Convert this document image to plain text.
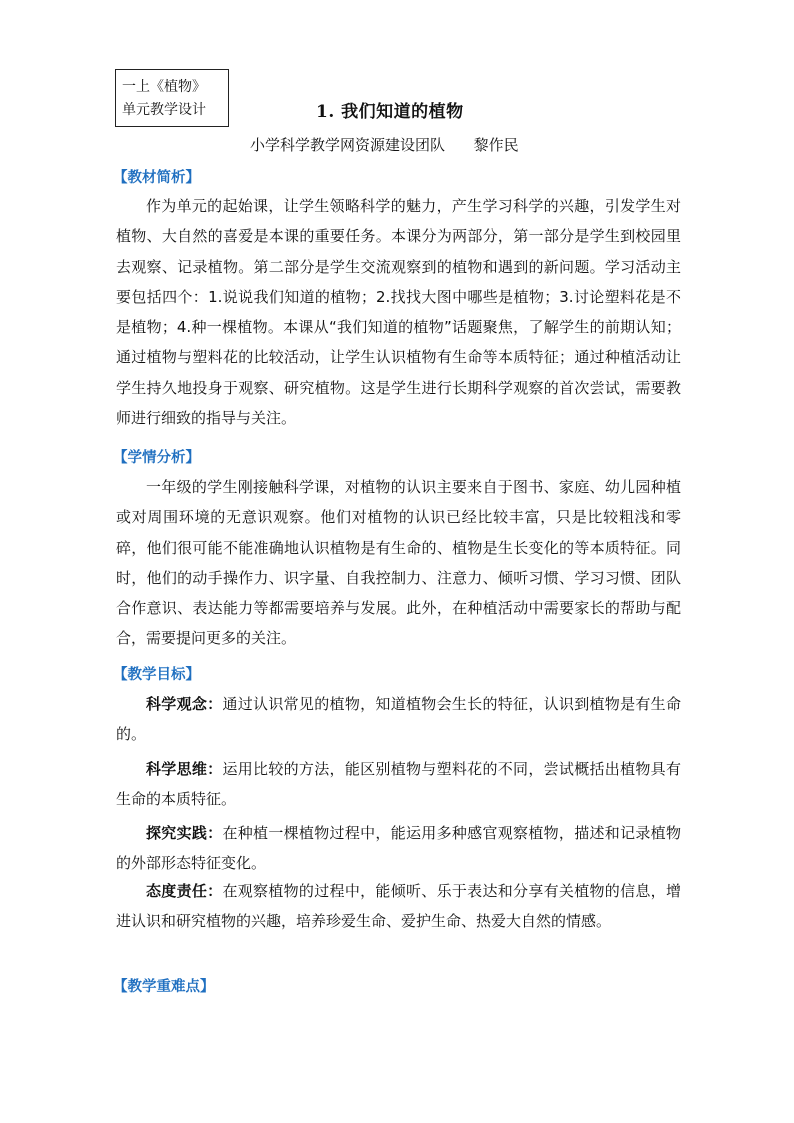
一上《植物》
单元教学设计	1. 我们知道的植物
小学科学教学网资源建设团队      黎作民
【教材简析】

作为单元的起始课，让学生领略科学的魅力，产生学习科学的兴趣，引发学生对植物、大自然的喜爱是本课的重要任务。本课分为两部分，第一部分是学生到校园里去观察、记录植物。第二部分是学生交流观察到的植物和遇到的新问题。学习活动主要包括四个：1.说说我们知道的植物；2.找找大图中哪些是植物；3.讨论塑料花是不是植物；4.种一棵植物。本课从“我们知道的植物”话题聚焦，了解学生的前期认知；通过植物与塑料花的比较活动，让学生认识植物有生命等本质特征；通过种植活动让学生持久地投身于观察、研究植物。这是学生进行长期科学观察的首次尝试，需要教师进行细致的指导与关注。

【学情分析】

一年级的学生刚接触科学课，对植物的认识主要来自于图书、家庭、幼儿园种植或对周围环境的无意识观察。他们对植物的认识已经比较丰富，只是比较粗浅和零碎，他们很可能不能准确地认识植物是有生命的、植物是生长变化的等本质特征。同时，他们的动手操作力、识字量、自我控制力、注意力、倾听习惯、学习习惯、团队合作意识、表达能力等都需要培养与发展。此外，在种植活动中需要家长的帮助与配合，需要提问更多的关注。

【教学目标】

科学观念：通过认识常见的植物，知道植物会生长的特征，认识到植物是有生命的。

科学思维：运用比较的方法，能区别植物与塑料花的不同，尝试概括出植物具有生命的本质特征。

探究实践：在种植一棵植物过程中，能运用多种感官观察植物，描述和记录植物的外部形态特征变化。

态度责任：在观察植物的过程中，能倾听、乐于表达和分享有关植物的信息，增进认识和研究植物的兴趣，培养珍爱生命、爱护生命、热爱大自然的情感。

【教学重难点】
